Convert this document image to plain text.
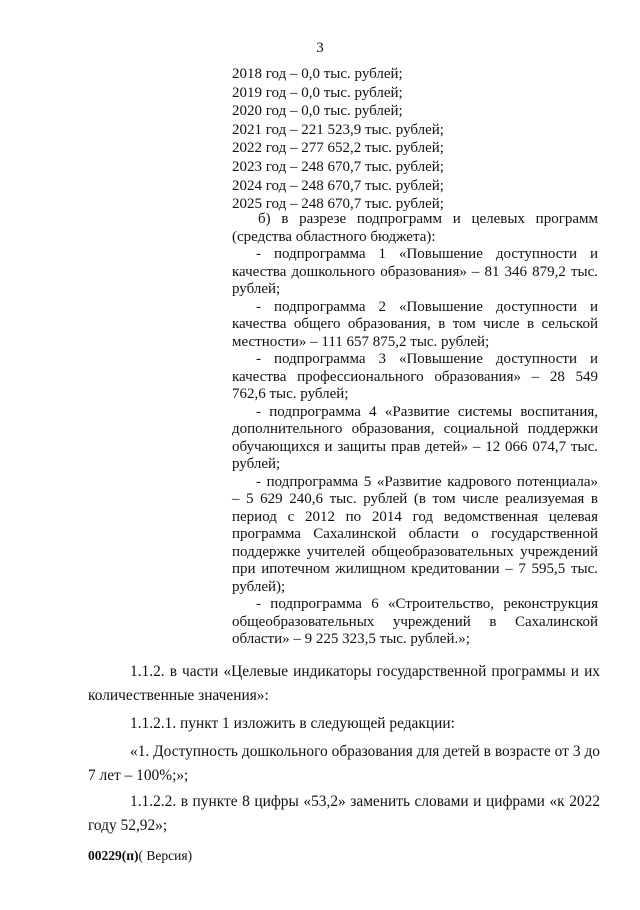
3
2018 год – 0,0 тыс. рублей;
2019 год – 0,0 тыс. рублей;
2020 год – 0,0 тыс. рублей;
2021 год – 221 523,9 тыс. рублей;
2022 год – 277 652,2 тыс. рублей;
2023 год – 248 670,7 тыс. рублей;
2024 год – 248 670,7 тыс. рублей;
2025 год – 248 670,7 тыс. рублей;

б) в разрезе подпрограмм и целевых программ (средства областного бюджета):

- подпрограмма 1 «Повышение доступности и качества дошкольного образования» – 81 346 879,2 тыс. рублей;

- подпрограмма 2 «Повышение доступности и качества общего образования, в том числе в сельской местности» – 111 657 875,2 тыс. рублей;

- подпрограмма 3 «Повышение доступности и качества профессионального образования» – 28 549 762,6 тыс. рублей;

- подпрограмма 4 «Развитие системы воспитания, дополнительного образования, социальной поддержки обучающихся и защиты прав детей» – 12 066 074,7 тыс. рублей;

- подпрограмма 5 «Развитие кадрового потенциала» – 5 629 240,6 тыс. рублей (в том числе реализуемая в период с 2012 по 2014 год ведомственная целевая программа Сахалинской области о государственной поддержке учителей общеобразовательных учреждений при ипотечном жилищном кредитовании – 7 595,5 тыс. рублей);

- подпрограмма 6 «Строительство, реконструкция общеобразовательных учреждений в Сахалинской области» – 9 225 323,5 тыс. рублей.»;

1.1.2. в части «Целевые индикаторы государственной программы и их количественные значения»:

1.1.2.1. пункт 1 изложить в следующей редакции:

«1. Доступность дошкольного образования для детей в возрасте от 3 до 7 лет – 100%;»;

1.1.2.2. в пункте 8 цифры «53,2» заменить словами и цифрами «к 2022 году 52,92»;

00229(п)( Версия)
